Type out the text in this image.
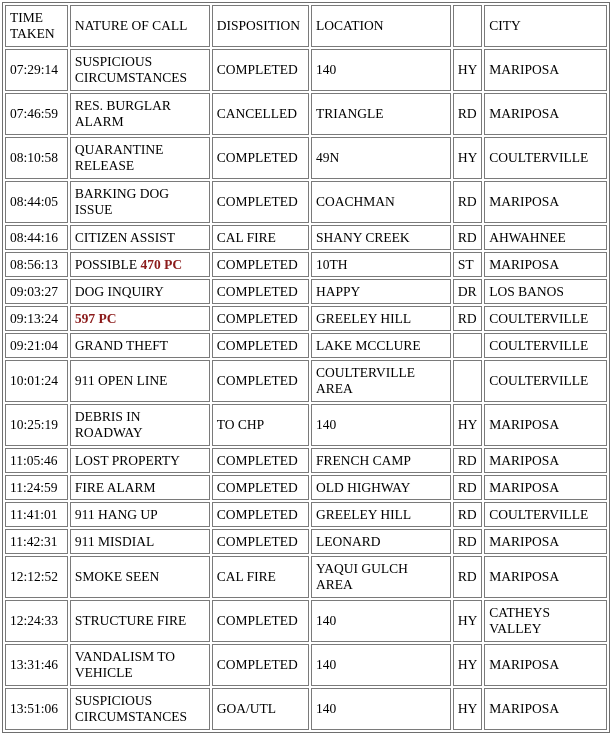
TIME TAKEN	NATURE OF CALL	DISPOSITION	LOCATION		CITY
07:29:14	SUSPICIOUS CIRCUMSTANCES	COMPLETED	140	HY	MARIPOSA
07:46:59	RES. BURGLAR ALARM	CANCELLED	TRIANGLE	RD	MARIPOSA
08:10:58	QUARANTINE RELEASE	COMPLETED	49N	HY	COULTERVILLE
08:44:05	BARKING DOG ISSUE	COMPLETED	COACHMAN	RD	MARIPOSA
08:44:16	CITIZEN ASSIST	CAL FIRE	SHANY CREEK	RD	AHWAHNEE
08:56:13	POSSIBLE 470 PC	COMPLETED	10TH	ST	MARIPOSA
09:03:27	DOG INQUIRY	COMPLETED	HAPPY	DR	LOS BANOS
09:13:24	597 PC	COMPLETED	GREELEY HILL	RD	COULTERVILLE
09:21:04	GRAND THEFT	COMPLETED	LAKE MCCLURE		COULTERVILLE
10:01:24	911 OPEN LINE	COMPLETED	COULTERVILLE AREA		COULTERVILLE
10:25:19	DEBRIS IN ROADWAY	TO CHP	140	HY	MARIPOSA
11:05:46	LOST PROPERTY	COMPLETED	FRENCH CAMP	RD	MARIPOSA
11:24:59	FIRE ALARM	COMPLETED	OLD HIGHWAY	RD	MARIPOSA
11:41:01	911 HANG UP	COMPLETED	GREELEY HILL	RD	COULTERVILLE
11:42:31	911 MISDIAL	COMPLETED	LEONARD	RD	MARIPOSA
12:12:52	SMOKE SEEN	CAL FIRE	YAQUI GULCH AREA	RD	MARIPOSA
12:24:33	STRUCTURE FIRE	COMPLETED	140	HY	CATHEYS VALLEY
13:31:46	VANDALISM TO VEHICLE	COMPLETED	140	HY	MARIPOSA
13:51:06	SUSPICIOUS CIRCUMSTANCES	GOA/UTL	140	HY	MARIPOSA
